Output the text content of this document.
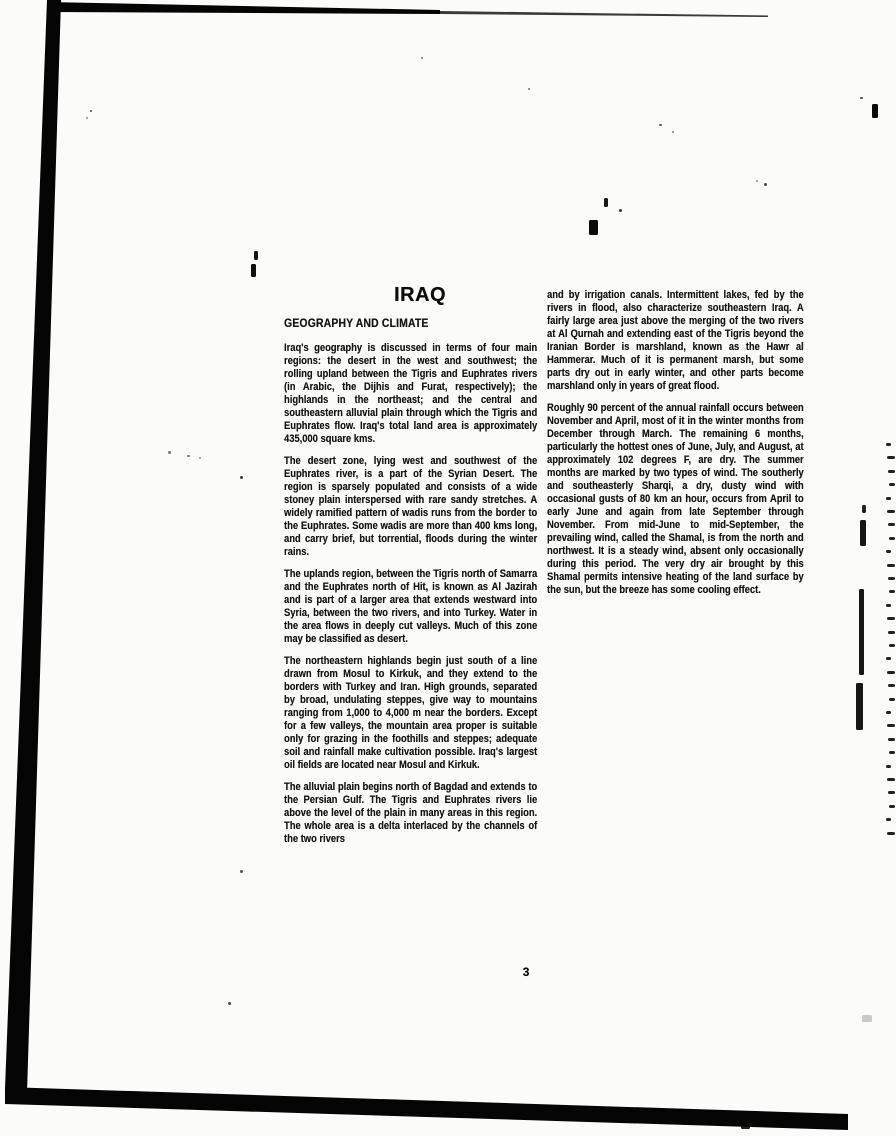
IRAQ
GEOGRAPHY AND CLIMATE

Iraq's geography is discussed in terms of four main regions: the desert in the west and southwest; the rolling upland between the Tigris and Euphrates rivers (in Arabic, the Dijhis and Furat, respectively); the highlands in the northeast; and the central and southeastern alluvial plain through which the Tigris and Euphrates flow. Iraq's total land area is approximately 435,000 square kms.

The desert zone, lying west and southwest of the Euphrates river, is a part of the Syrian Desert. The region is sparsely populated and consists of a wide stoney plain interspersed with rare sandy stretches. A widely ramified pattern of wadis runs from the border to the Euphrates. Some wadis are more than 400 kms long, and carry brief, but torrential, floods during the winter rains.

The uplands region, between the Tigris north of Samarra and the Euphrates north of Hit, is known as Al Jazirah and is part of a larger area that extends westward into Syria, between the two rivers, and into Turkey. Water in the area flows in deeply cut valleys. Much of this zone may be classified as desert.

The northeastern highlands begin just south of a line drawn from Mosul to Kirkuk, and they extend to the borders with Turkey and Iran. High grounds, separated by broad, undulating steppes, give way to mountains ranging from 1,000 to 4,000 m near the borders. Except for a few valleys, the mountain area proper is suitable only for grazing in the foothills and steppes; adequate soil and rainfall make cultivation possible. Iraq's largest oil fields are located near Mosul and Kirkuk.

The alluvial plain begins north of Bagdad and extends to the Persian Gulf. The Tigris and Euphrates rivers lie above the level of the plain in many areas in this region. The whole area is a delta interlaced by the channels of the two rivers

and by irrigation canals. Intermittent lakes, fed by the rivers in flood, also characterize southeastern Iraq. A fairly large area just above the merging of the two rivers at Al Qurnah and extending east of the Tigris beyond the Iranian Border is marshland, known as the Hawr al Hammerar. Much of it is permanent marsh, but some parts dry out in early winter, and other parts become marshland only in years of great flood.

Roughly 90 percent of the annual rainfall occurs between November and April, most of it in the winter months from December through March. The remaining 6 months, particularly the hottest ones of June, July, and August, at approximately 102 degrees F, are dry. The summer months are marked by two types of wind. The southerly and southeasterly Sharqi, a dry, dusty wind with occasional gusts of 80 km an hour, occurs from April to early June and again from late September through November. From mid-June to mid-September, the prevailing wind, called the Shamal, is from the north and northwest. It is a steady wind, absent only occasionally during this period. The very dry air brought by this Shamal permits intensive heating of the land surface by the sun, but the breeze has some cooling effect.

3
